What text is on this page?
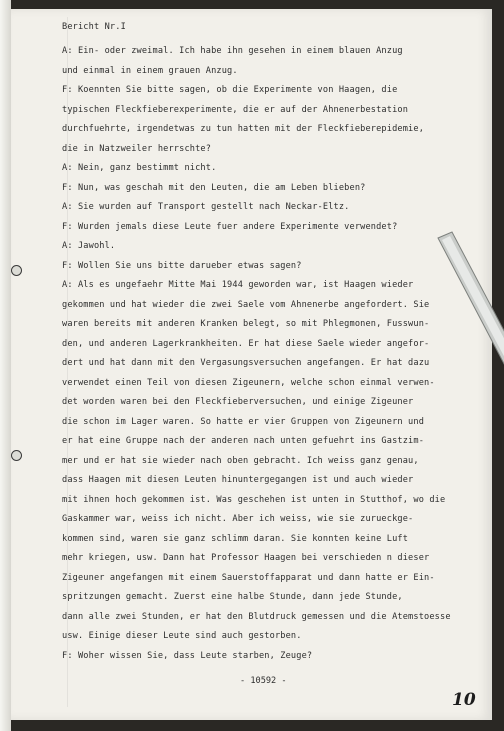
Bericht Nr.I
A: Ein- oder zweimal. Ich habe ihn gesehen in einem blauen Anzug
und einmal in einem grauen Anzug.
F: Koennten Sie bitte sagen, ob die Experimente von Haagen, die
typischen Fleckfieberexperimente, die er auf der Ahnenerbestation
durchfuehrte, irgendetwas zu tun hatten mit der Fleckfieberepidemie,
die in Natzweiler herrschte?
A: Nein, ganz bestimmt nicht.
F: Nun, was geschah mit den Leuten, die am Leben blieben?
A: Sie wurden auf Transport gestellt nach Neckar-Eltz.
F: Wurden jemals diese Leute fuer andere Experimente verwendet?
A: Jawohl.
F: Wollen Sie uns bitte darueber etwas sagen?
A: Als es ungefaehr Mitte Mai 1944 geworden war, ist Haagen wieder
gekommen und hat wieder die zwei Saele vom Ahnenerbe angefordert. Sie
waren bereits mit anderen Kranken belegt, so mit Phlegmonen, Fusswun-
den, und anderen Lagerkrankheiten. Er hat diese Saele wieder angefor-
dert und hat dann mit den Vergasungsversuchen angefangen. Er hat dazu
verwendet einen Teil von diesen Zigeunern, welche schon einmal verwen-
det worden waren bei den Fleckfieberversuchen, und einige Zigeuner
die schon im Lager waren. So hatte er vier Gruppen von Zigeunern und
er hat eine Gruppe nach der anderen nach unten gefuehrt ins Gastzim-
mer und er hat sie wieder nach oben gebracht. Ich weiss ganz genau,
dass Haagen mit diesen Leuten hinuntergegangen ist und auch wieder
mit ihnen hoch gekommen ist. Was geschehen ist unten in Stutthof, wo die
Gaskammer war, weiss ich nicht. Aber ich weiss, wie sie zurueckge-
kommen sind, waren sie ganz schlimm daran. Sie konnten keine Luft
mehr kriegen, usw. Dann hat Professor Haagen bei verschieden n dieser
Zigeuner angefangen mit einem Sauerstoffapparat und dann hatte er Ein-
spritzungen gemacht. Zuerst eine halbe Stunde, dann jede Stunde,
dann alle zwei Stunden, er hat den Blutdruck gemessen und die Atemstoesse
usw. Einige dieser Leute sind auch gestorben.
F: Woher wissen Sie, dass Leute starben, Zeuge?
- 10592 -
10
